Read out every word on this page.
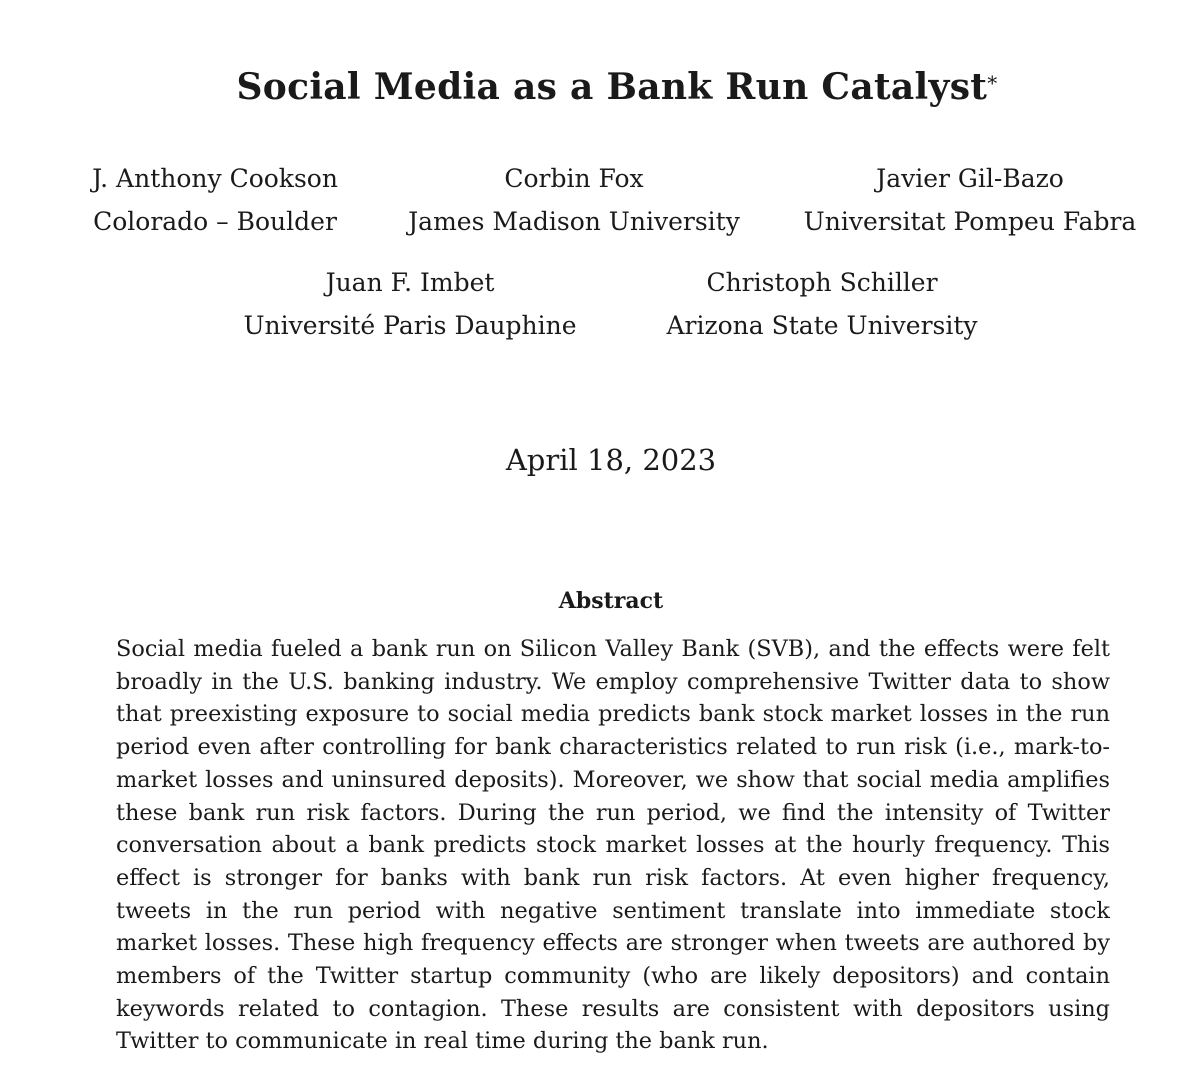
Social Media as a Bank Run Catalyst*
J. Anthony Cookson
Colorado – Boulder
Corbin Fox
James Madison University
Javier Gil-Bazo
Universitat Pompeu Fabra
Juan F. Imbet
Université Paris Dauphine
Christoph Schiller
Arizona State University
April 18, 2023
Abstract

Social media fueled a bank run on Silicon Valley Bank (SVB), and the effects were felt broadly in the U.S. banking industry. We employ comprehensive Twitter data to show that preexisting exposure to social media predicts bank stock market losses in the run period even after controlling for bank characteristics related to run risk (i.e., mark-to-market losses and uninsured deposits). Moreover, we show that social media amplifies these bank run risk factors. During the run period, we find the intensity of Twitter conversation about a bank predicts stock market losses at the hourly frequency. This effect is stronger for banks with bank run risk factors. At even higher frequency, tweets in the run period with negative sentiment translate into immediate stock market losses. These high frequency effects are stronger when tweets are authored by members of the Twitter startup community (who are likely depositors) and contain keywords related to contagion. These results are consistent with depositors using Twitter to communicate in real time during the bank run.
